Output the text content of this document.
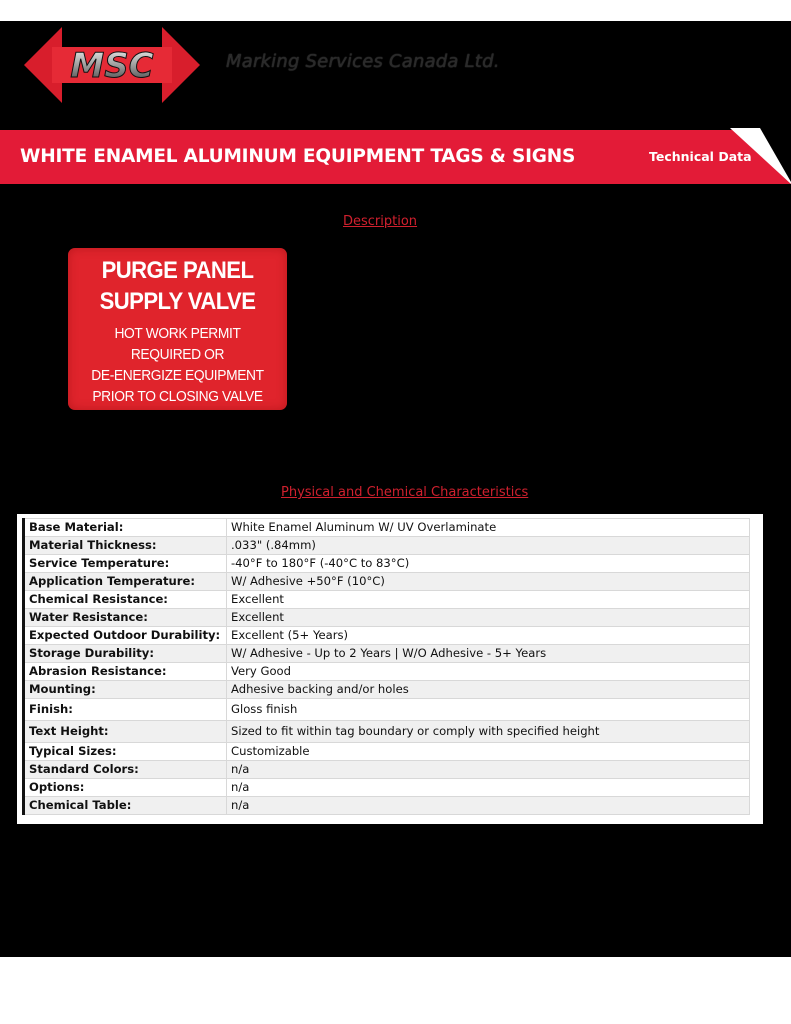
MSC	Marking Services Canada Ltd.
WHITE ENAMEL ALUMINUM EQUIPMENT TAGS & SIGNS	Technical Data
Description
PURGE PANEL
SUPPLY VALVE
HOT WORK PERMIT
REQUIRED OR
DE-ENERGIZE EQUIPMENT
PRIOR TO CLOSING VALVE
Physical and Chemical Characteristics
Base Material:	White Enamel Aluminum W/ UV Overlaminate
Material Thickness:	.033" (.84mm)
Service Temperature:	-40°F to 180°F (-40°C to 83°C)
Application Temperature:	W/ Adhesive +50°F (10°C)
Chemical Resistance:	Excellent
Water Resistance:	Excellent
Expected Outdoor Durability:	Excellent (5+ Years)
Storage Durability:	W/ Adhesive - Up to 2 Years | W/O Adhesive - 5+ Years
Abrasion Resistance:	Very Good
Mounting:	Adhesive backing and/or holes
Finish:	Gloss finish
Text Height:	Sized to fit within tag boundary or comply with specified height
Typical Sizes:	Customizable
Standard Colors:	n/a
Options:	n/a
Chemical Table:	n/a
